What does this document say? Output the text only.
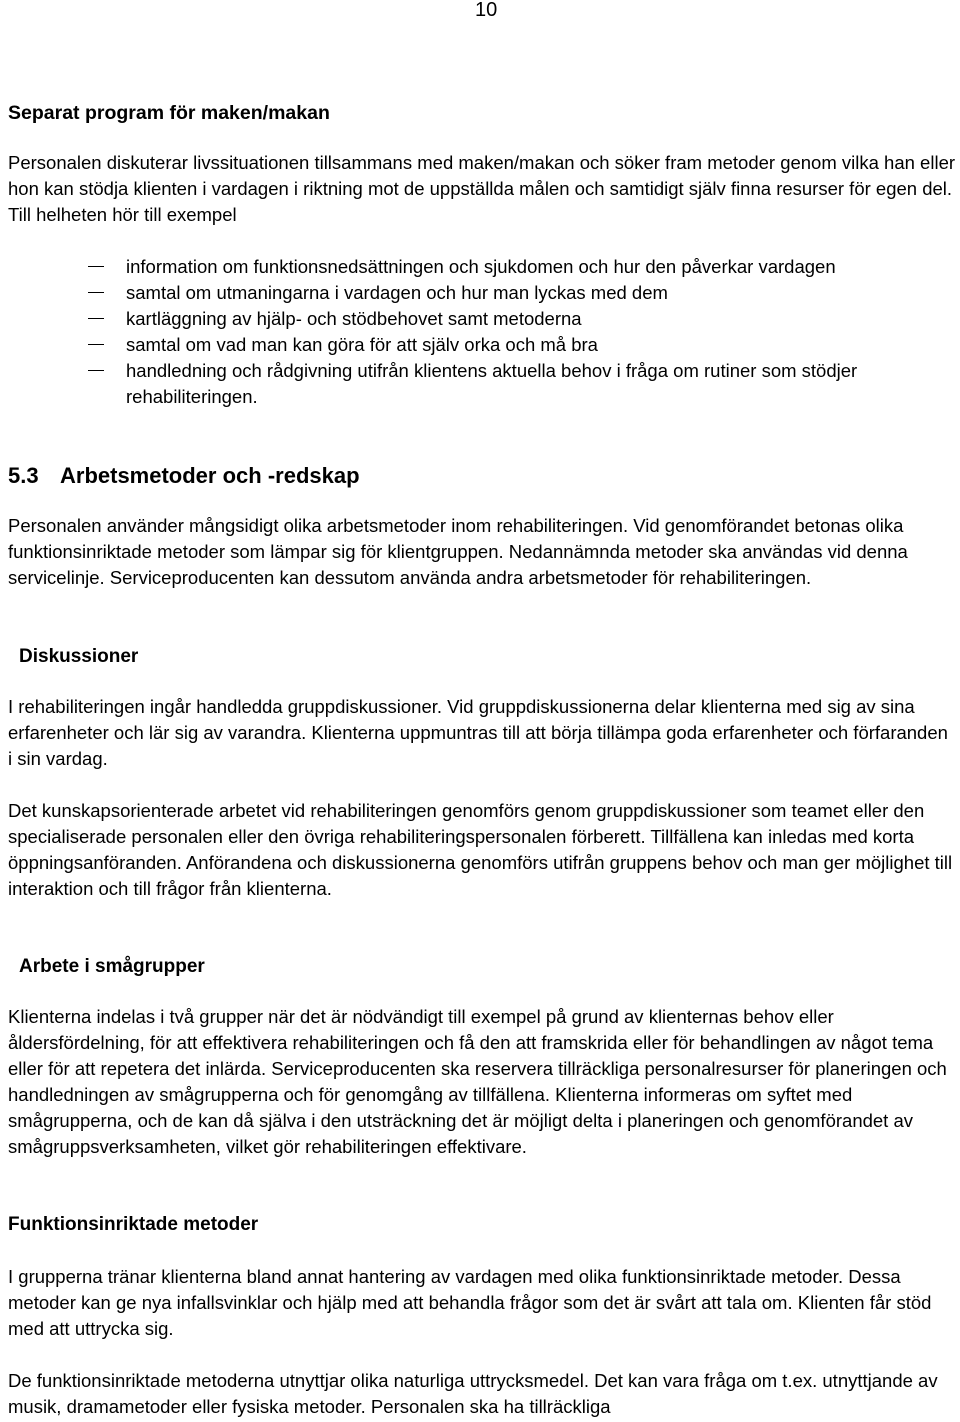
10
Separat program för maken/makan

Personalen diskuterar livssituationen tillsammans med maken/makan och söker fram metoder genom vilka han eller hon kan stödja klienten i vardagen i riktning mot de uppställda målen och samtidigt själv finna resurser för egen del. Till helheten hör till exempel

information om funktionsnedsättningen och sjukdomen och hur den påverkar vardagen
samtal om utmaningarna i vardagen och hur man lyckas med dem
kartläggning av hjälp- och stödbehovet samt metoderna
samtal om vad man kan göra för att själv orka och må bra
handledning och rådgivning utifrån klientens aktuella behov i fråga om rutiner som stödjer rehabiliteringen.
5.3 Arbetsmetoder och -redskap

Personalen använder mångsidigt olika arbetsmetoder inom rehabiliteringen. Vid genomförandet betonas olika funktionsinriktade metoder som lämpar sig för klientgruppen. Nedannämnda metoder ska användas vid denna servicelinje. Serviceproducenten kan dessutom använda andra arbetsmetoder för rehabiliteringen.

Diskussioner

I rehabiliteringen ingår handledda gruppdiskussioner. Vid gruppdiskussionerna delar klienterna med sig av sina erfarenheter och lär sig av varandra. Klienterna uppmuntras till att börja tillämpa goda erfarenheter och förfaranden i sin vardag.

Det kunskapsorienterade arbetet vid rehabiliteringen genomförs genom gruppdiskussioner som teamet eller den specialiserade personalen eller den övriga rehabiliteringspersonalen förberett. Tillfällena kan inledas med korta öppningsanföranden. Anförandena och diskussionerna genomförs utifrån gruppens behov och man ger möjlighet till interaktion och till frågor från klienterna.

Arbete i smågrupper

Klienterna indelas i två grupper när det är nödvändigt till exempel på grund av klienternas behov eller åldersfördelning, för att effektivera rehabiliteringen och få den att framskrida eller för behandlingen av något tema eller för att repetera det inlärda. Serviceproducenten ska reservera tillräckliga personalresurser för planeringen och handledningen av smågrupperna och för genomgång av tillfällena. Klienterna informeras om syftet med smågrupperna, och de kan då själva i den utsträckning det är möjligt delta i planeringen och genomförandet av smågruppsverksamheten, vilket gör rehabiliteringen effektivare.

Funktionsinriktade metoder

I grupperna tränar klienterna bland annat hantering av vardagen med olika funktionsinriktade metoder. Dessa metoder kan ge nya infallsvinklar och hjälp med att behandla frågor som det är svårt att tala om. Klienten får stöd med att uttrycka sig.

De funktionsinriktade metoderna utnyttjar olika naturliga uttrycksmedel. Det kan vara fråga om t.ex. utnyttjande av musik, dramametoder eller fysiska metoder. Personalen ska ha tillräckliga
